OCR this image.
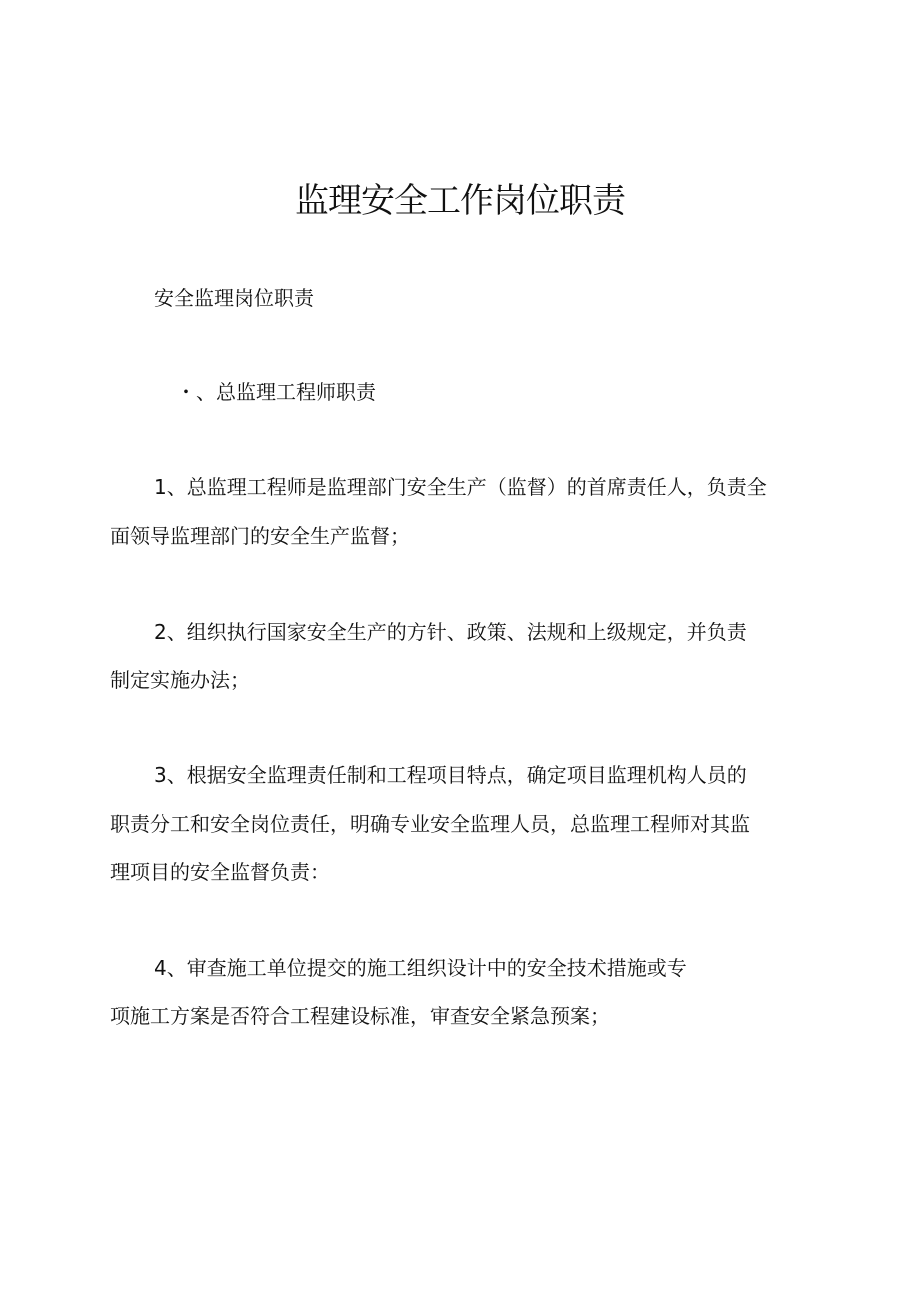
监理安全工作岗位职责

安全监理岗位职责

・、总监理工程师职责

1、总监理工程师是监理部门安全生产（监督）的首席责任人，负责全

面领导监理部门的安全生产监督；

2、组织执行国家安全生产的方针、政策、法规和上级规定，并负责

制定实施办法；

3、根据安全监理责任制和工程项目特点，确定项目监理机构人员的

职责分工和安全岗位责任，明确专业安全监理人员，总监理工程师对其监

理项目的安全监督负责：

4、审查施工单位提交的施工组织设计中的安全技术措施或专

项施工方案是否符合工程建设标准，审查安全紧急预案；
